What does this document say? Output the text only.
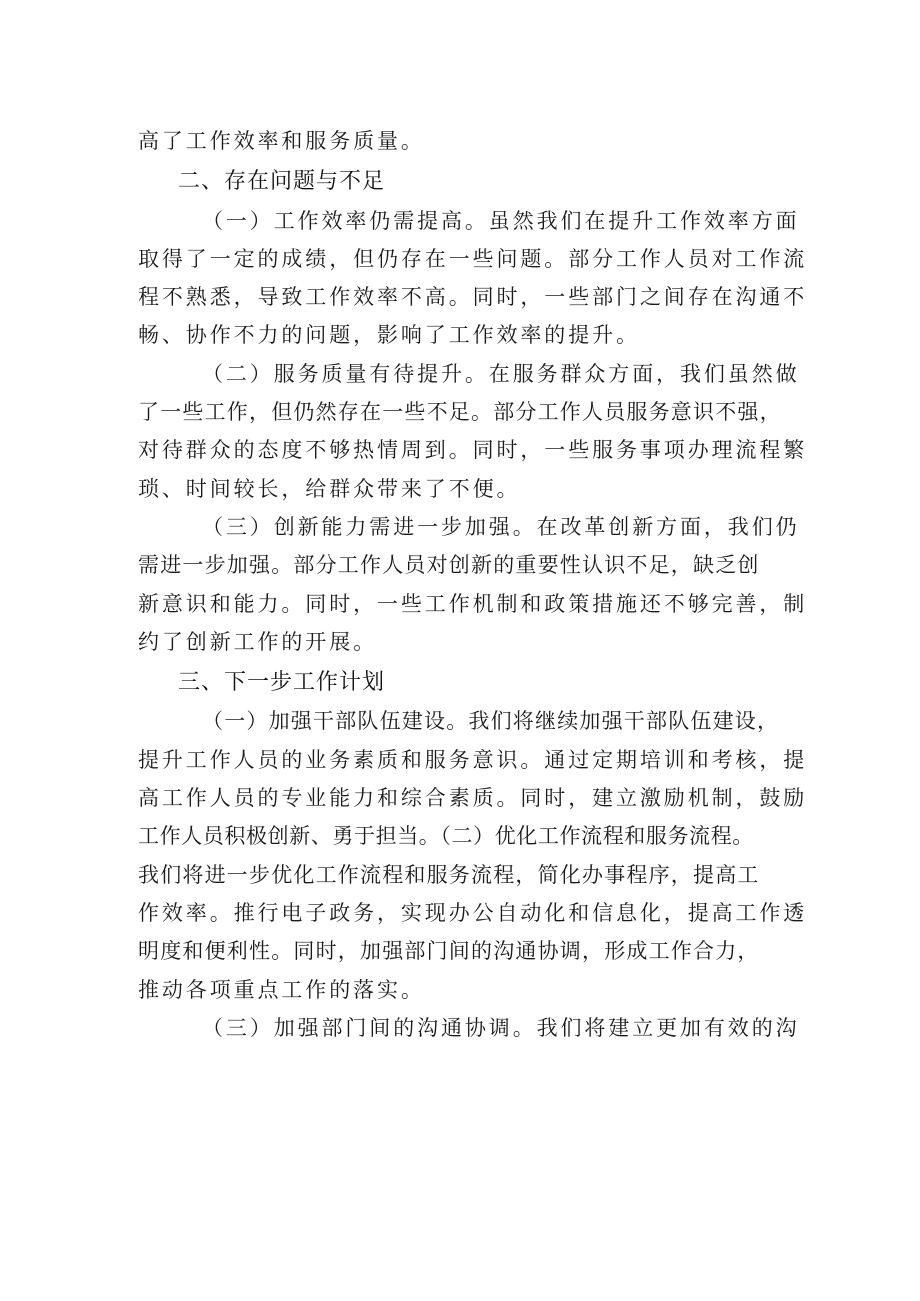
高了工作效率和服务质量。
二、存在问题与不足
（一）工作效率仍需提高。虽然我们在提升工作效率方面
取得了一定的成绩，但仍存在一些问题。部分工作人员对工作流
程不熟悉，导致工作效率不高。同时，一些部门之间存在沟通不
畅、协作不力的问题，影响了工作效率的提升。
（二）服务质量有待提升。在服务群众方面，我们虽然做
了一些工作，但仍然存在一些不足。部分工作人员服务意识不强，
对待群众的态度不够热情周到。同时，一些服务事项办理流程繁
琐、时间较长，给群众带来了不便。
（三）创新能力需进一步加强。在改革创新方面，我们仍
需进一步加强。部分工作人员对创新的重要性认识不足，缺乏创
新意识和能力。同时，一些工作机制和政策措施还不够完善，制
约了创新工作的开展。
三、下一步工作计划
（一）加强干部队伍建设。我们将继续加强干部队伍建设，
提升工作人员的业务素质和服务意识。通过定期培训和考核，提
高工作人员的专业能力和综合素质。同时，建立激励机制，鼓励
工作人员积极创新、勇于担当。（二）优化工作流程和服务流程。
我们将进一步优化工作流程和服务流程，简化办事程序，提高工
作效率。推行电子政务，实现办公自动化和信息化，提高工作透
明度和便利性。同时，加强部门间的沟通协调，形成工作合力，
推动各项重点工作的落实。
（三）加强部门间的沟通协调。我们将建立更加有效的沟
